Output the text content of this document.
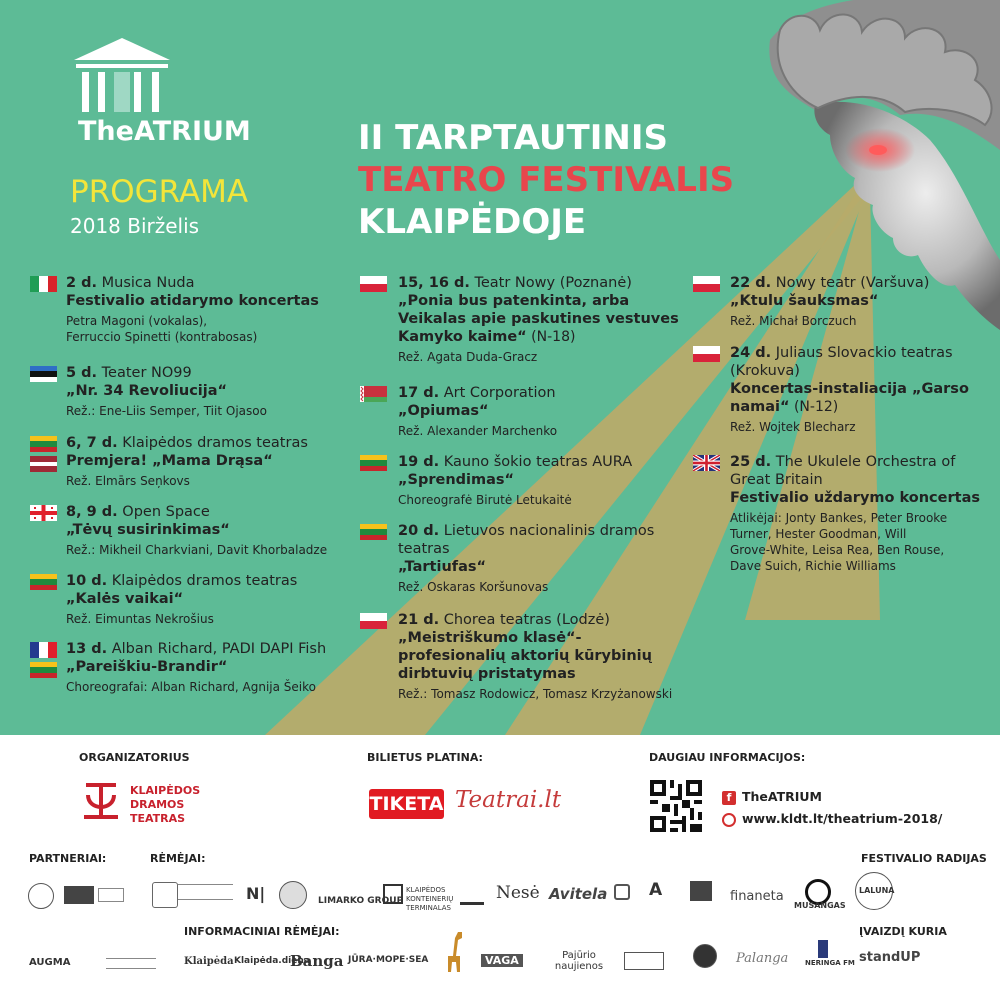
TheATRIUM
PROGRAMA
2018 Birželis
II TARPTAUTINIS
TEATRO FESTIVALIS
KLAIPĖDOJE
2 d. Musica Nuda
Festivalio atidarymo koncertas
Petra Magoni (vokalas),
Ferruccio Spinetti (kontrabosas)
5 d. Teater NO99
„Nr. 34 Revoliucija“
Rež.: Ene-Liis Semper, Tiit Ojasoo
6, 7 d. Klaipėdos dramos teatras
Premjera! „Mama Drąsa“
Rež. Elmārs Seņkovs
8, 9 d. Open Space
„Tėvų susirinkimas“
Rež.: Mikheil Charkviani, Davit Khorbaladze
10 d. Klaipėdos dramos teatras
„Kalės vaikai“
Rež. Eimuntas Nekrošius
13 d. Alban Richard, PADI DAPI Fish
„Pareiškiu-Brandir“
Choreografai: Alban Richard, Agnija Šeiko
15, 16 d. Teatr Nowy (Poznanė)
„Ponia bus patenkinta, arba Veikalas apie paskutines vestuves Kamyko kaime“ (N-18)
Rež. Agata Duda-Gracz
17 d. Art Corporation
„Opiumas“
Rež. Alexander Marchenko
19 d. Kauno šokio teatras AURA
„Sprendimas“
Choreografė Birutė Letukaitė
20 d. Lietuvos nacionalinis dramos teatras
„Tartiufas“
Rež. Oskaras Koršunovas
21 d. Chorea teatras (Lodzė)
„Meistriškumo klasė“- profesionalių aktorių kūrybinių dirbtuvių pristatymas
Rež.: Tomasz Rodowicz, Tomasz Krzyżanowski
22 d. Nowy teatr (Varšuva)
„Ktulu šauksmas“
Rež. Michał Borczuch
24 d. Juliaus Slovackio teatras (Krokuva)
Koncertas-instaliacija „Garso namai“ (N-12)
Rež. Wojtek Blecharz
25 d. The Ukulele Orchestra of Great Britain
Festivalio uždarymo koncertas
Atlikėjai: Jonty Bankes, Peter Brooke
Turner, Hester Goodman, Will
Grove-White, Leisa Rea, Ben Rouse,
Dave Suich, Richie Williams
ORGANIZATORIUS
KLAIPĖDOS
DRAMOS
TEATRAS
BILIETUS PLATINA:
TIKETA Teatrai.lt
DAUGIAU INFORMACIJOS:
f TheATRIUM
www.kldt.lt/theatrium-2018/
PARTNERIAI:	RĖMĖJAI:	FESTIVALIO RADIJAS
N|	LIMARKO GROUP
KLAIPĖDOS KONTEINERIŲ TERMINALAS
Nesė Avitela A	finaneta
MUSANGAS
LALUNA
INFORMACINIAI RĖMĖJAI:	ĮVAIZDĮ KURIA
AUGMA	Klaipėda Klaipėda.diena
Banga JŪRA·MOPE·SEA	VAGA	Pajūrio naujienos
Palanga NERINGA FM standUP
